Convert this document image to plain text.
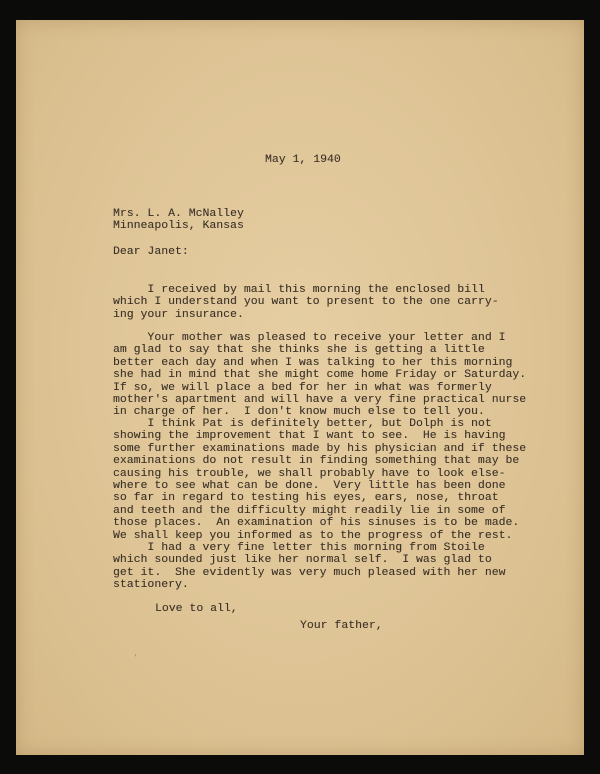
May 1, 1940
Mrs. L. A. McNalley
Minneapolis, Kansas
Dear Janet:
I received by mail this morning the enclosed bill
which I understand you want to present to the one carry-
ing your insurance.
Your mother was pleased to receive your letter and I
am glad to say that she thinks she is getting a little
better each day and when I was talking to her this morning
she had in mind that she might come home Friday or Saturday.
If so, we will place a bed for her in what was formerly
mother's apartment and will have a very fine practical nurse
in charge of her.  I don't know much else to tell you.
I think Pat is definitely better, but Dolph is not
showing the improvement that I want to see.  He is having
some further examinations made by his physician and if these
examinations do not result in finding something that may be
causing his trouble, we shall probably have to look else-
where to see what can be done.  Very little has been done
so far in regard to testing his eyes, ears, nose, throat
and teeth and the difficulty might readily lie in some of
those places.  An examination of his sinuses is to be made.
We shall keep you informed as to the progress of the rest.
I had a very fine letter this morning from Stoile
which sounded just like her normal self.  I was glad to
get it.  She evidently was very much pleased with her new
stationery.
Love to all,
Your father,
′
